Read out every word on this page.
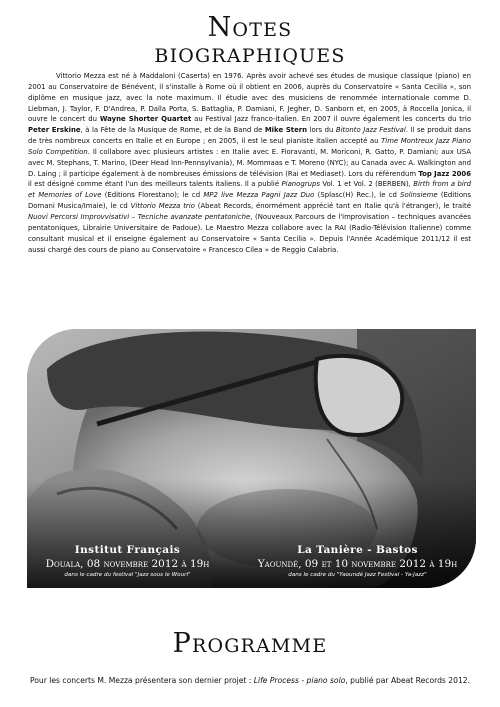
Notes
biographiques

Vittorio Mezza est né à Maddaloni (Caserta) en 1976. Après avoir achevé ses études de musique classique (piano) en 2001 au Conservatoire de Bénévent, il s'installe à Rome où il obtient en 2006, auprès du Conservatoire « Santa Cecilia », son diplôme en musique jazz, avec la note maximum. Il étudie avec des musiciens de renommée internationale comme D. Liebman, J. Taylor, F. D'Andrea, P. Dalla Porta, S. Battaglia, P. Damiani, F. Jegher, D. Sanborn et, en 2005, à Roccella Jonica, il ouvre le concert du Wayne Shorter Quartet au Festival Jazz franco-italien. En 2007 il ouvre également les concerts du trio Peter Erskine, à la Fête de la Musique de Rome, et de la Band de Mike Stern lors du Bitonto Jazz Festival. Il se produit dans de très nombreux concerts en Italie et en Europe ; en 2005, il est le seul pianiste italien accepté au Time Montreux Jazz Piano Solo Competition. Il collabore avec plusieurs artistes : en Italie avec E. Fioravanti, M. Moriconi, R. Gatto, P. Damiani; aux USA avec M. Stephans, T. Marino, (Deer Head Inn-Pennsylvania), M. Mommaas e T. Moreno (NYC); au Canada avec A. Walkington and D. Laing ; il participe également à de nombreuses émissions de télévision (Rai et Mediaset). Lors du référendum Top Jazz 2006 il est désigné comme étant l'un des meilleurs talents italiens. Il a publié Pianogrups Vol. 1 et Vol. 2 (BERBEN), Birth from a bird et Memories of Love (Editions Florestano); le cd MP2 live Mezza Pagni Jazz Duo (Splasc(H) Rec.), le cd Solinsieme (Editions Domani Musica/Imaie), le cd Vittorio Mezza trio (Abeat Records, énormément apprécié tant en Italie qu'à l'étranger), le traité Nuovi Percorsi Improvvisativi – Tecniche avanzate pentatoniche, (Nouveaux Parcours de l'improvisation – techniques avancées pentatoniques, Librairie Universitaire de Padoue). Le Maestro Mezza collabore avec la RAI (Radio-Télévision Italienne) comme consultant musical et il enseigne également au Conservatoire « Santa Cecilia ». Depuis l'Année Académique 2011/12 il est aussi chargé des cours de piano au Conservatoire « Francesco Cilea » de Reggio Calabria.

Institut Français
Douala, 08 novembre 2012 à 19h
dans le cadre du festival "Jazz sous le Wouri"
La Tanière - Bastos
Yaoundé, 09 et 10 novembre 2012 à 19h
dans le cadre du "Yaoundé Jazz Festival - Ya-Jazz"
Programme
Pour les concerts M. Mezza présentera son dernier projet : Life Process - piano solo, publié par Abeat Records 2012.
